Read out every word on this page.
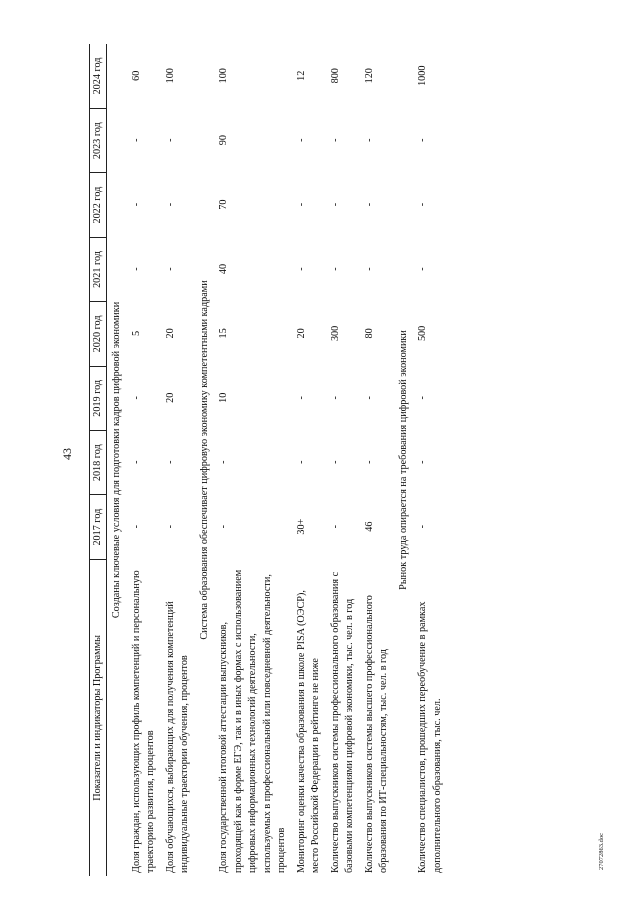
43
Показатели и индикаторы Программы	2017 год	2018 год	2019 год	2020 год	2021 год	2022 год	2023 год	2024 год
Созданы ключевые условия для подготовки кадров цифровой экономики								
Доля граждан, использующих профиль компетенций и персональную траекторию развития, процентов	-	-	-	5	-	-	-	60
Доля обучающихся, выбирающих для получения компетенций индивидуальные траектории обучения, процентов	-	-	20	20	-	-	-	100
Система образования обеспечивает цифровую экономику компетентными кадрами								
Доля государственной итоговой аттестации выпускников, проходящей как в форме ЕГЭ, так и в иных формах с использованием цифровых информационных технологий деятельности, используемых в профессиональной или повседневной деятельности, процентов	-	-	10	15	40	70	90	100
Мониторинг оценки качества образования в школе PISA (ОЭСР), место Российской Федерации в рейтинге не ниже	30+	-	-	20	-	-	-	12
Количество выпускников системы профессионального образования с базовыми компетенциями цифровой экономики, тыс. чел. в год	-	-	-	300	-	-	-	800
Количество выпускников системы высшего профессионального образования по ИТ-специальностям, тыс. чел. в год	46	-	-	80	-	-	-	120
Рынок труда опирается на требования цифровой экономики								
Количество специалистов, прошедших переобучение в рамках дополнительного образования, тыс. чел.	-	-	-	500	-	-	-	1000
27072863.doc
